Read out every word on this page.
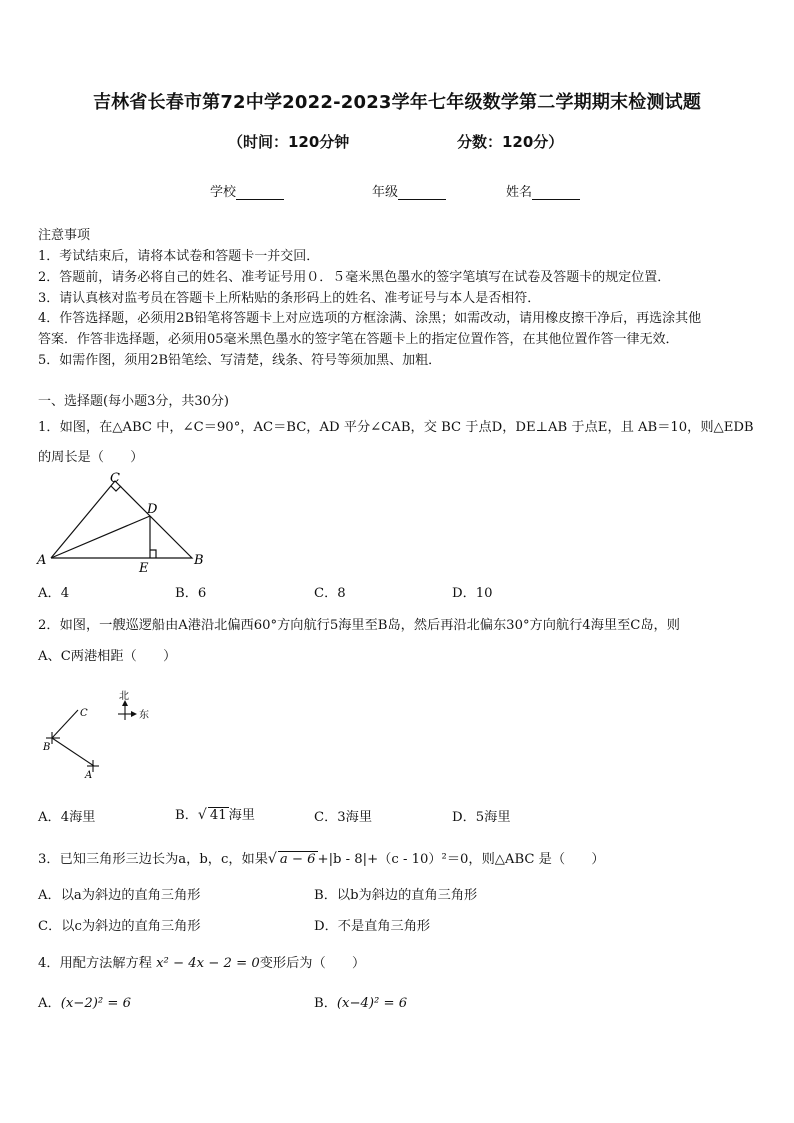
吉林省长春市第72中学2022-2023学年七年级数学第二学期期末检测试题
（时间：120分钟	分数：120分）
学校	年级	姓名
注意事项
1．考试结束后，请将本试卷和答题卡一并交回．
2．答题前，请务必将自己的姓名、准考证号用０．５毫米黑色墨水的签字笔填写在试卷及答题卡的规定位置．
3．请认真核对监考员在答题卡上所粘贴的条形码上的姓名、准考证号与本人是否相符．
4．作答选择题，必须用2B铅笔将答题卡上对应选项的方框涂满、涂黑；如需改动，请用橡皮擦干净后，再选涂其他
答案．作答非选择题，必须用05毫米黑色墨水的签字笔在答题卡上的指定位置作答，在其他位置作答一律无效．
5．如需作图，须用2B铅笔绘、写清楚，线条、符号等须加黑、加粗．
一、选择题(每小题3分，共30分)
1．如图，在△ABC 中，∠C＝90°，AC＝BC，AD 平分∠CAB，交 BC 于点D，DE⊥AB 于点E，且 AB＝10，则△EDB
的周长是（　　）
A	B
C
D
E
A．4	B．6	C．8	D．10
2．如图，一艘巡逻船由A港沿北偏西60°方向航行5海里至B岛，然后再沿北偏东30°方向航行4海里至C岛，则
A、C两港相距（　　）
北
东
C
B
A
A．4海里	B．√ 41 海里	C．3海里	D．5海里
3．已知三角形三边长为a，b，c，如果√ a − 6 +|b - 8|+（c - 10）²＝0，则△ABC 是（　　）
A．以a为斜边的直角三角形	B．以b为斜边的直角三角形
C．以c为斜边的直角三角形	D．不是直角三角形
4．用配方法解方程 x² − 4x − 2 = 0变形后为（　　）
A．(x−2)² = 6	B．(x−4)² = 6
